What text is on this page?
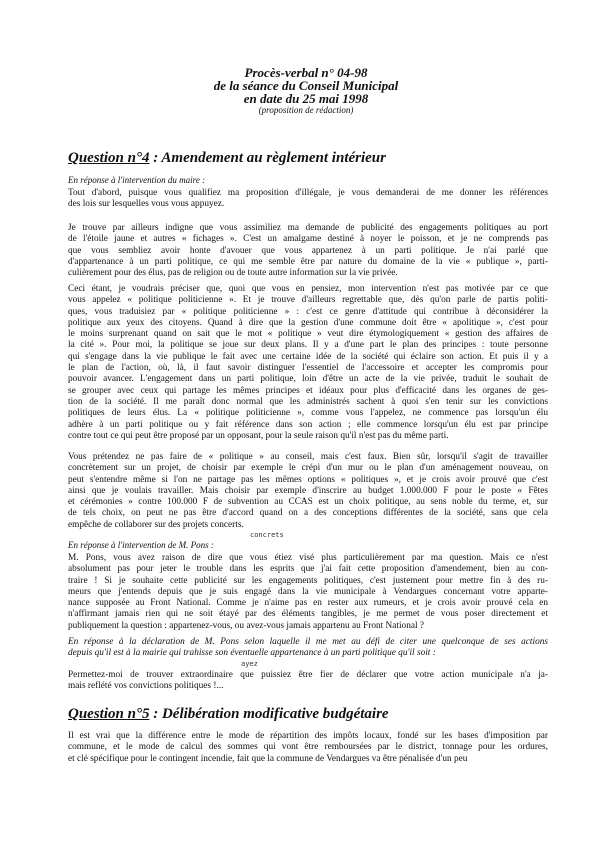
Procès-verbal n° 04-98
de la séance du Conseil Municipal
en date du 25 mai 1998
(proposition de rédaction)
Question n°4 : Amendement au règlement intérieur
En réponse à l'intervention du maire :
Tout d'abord, puisque vous qualifiez ma proposition d'illégale, je vous demanderai de me donner les références
des lois sur lesquelles vous vous appuyez.
Je trouve par ailleurs indigne que vous assimiliez ma demande de publicité des engagements politiques au port
de l'étoile jaune et autres « fichages ». C'est un amalgame destiné à noyer le poisson, et je ne comprends pas
que vous sembliez avoir honte d'avouer que vous appartenez à un parti politique. Je n'ai parlé que
d'appartenance à un parti politique, ce qui me semble être par nature du domaine de la vie « publique », parti-
culièrement pour des élus, pas de religion ou de toute autre information sur la vie privée.
Ceci étant, je voudrais préciser que, quoi que vous en pensiez, mon intervention n'est pas motivée par ce que
vous appelez « politique politicienne ». Et je trouve d'ailleurs regrettable que, dès qu'on parle de partis politi-
ques, vous traduisiez par « politique politicienne » : c'est ce genre d'attitude qui contribue à déconsidérer la
politique aux yeux des citoyens. Quand à dire que la gestion d'une commune doit être « apolitique », c'est pour
le moins surprenant quand on sait que le mot « politique » veut dire étymologiquement « gestion des affaires de
la cité ». Pour moi, la politique se joue sur deux plans. Il y a d'une part le plan des principes : toute personne
qui s'engage dans la vie publique le fait avec une certaine idée de la société qui éclaire son action. Et puis il y a
le plan de l'action, où, là, il faut savoir distinguer l'essentiel de l'accessoire et accepter les compromis pour
pouvoir avancer. L'engagement dans un parti politique, loin d'être un acte de la vie privée, traduit le souhait de
se grouper avec ceux qui partage les mêmes principes et idéaux pour plus d'efficacité dans les organes de ges-
tion de la société. Il me paraît donc normal que les administrés sachent à quoi s'en tenir sur les convictions
politiques de leurs élus. La « politique politicienne », comme vous l'appelez, ne commence pas lorsqu'un élu
adhère à un parti politique ou y fait référence dans son action ; elle commence lorsqu'un élu est par principe
contre tout ce qui peut être proposé par un opposant, pour la seule raison qu'il n'est pas du même parti.
Vous prétendez ne pas faire de « politique » au conseil, mais c'est faux. Bien sûr, lorsqu'il s'agit de travailler
concrètement sur un projet, de choisir par exemple le crépi d'un mur ou le plan d'un aménagement nouveau, on
peut s'entendre même si l'on ne partage pas les mêmes options « politiques », et je crois avoir prouvé que c'est
ainsi que je voulais travailler. Mais choisir par exemple d'inscrire au budget 1.000.000 F pour le poste « Fêtes
et cérémonies » contre 100.000 F de subvention au CCAS est un choix politique, au sens noble du terme, et, sur
de tels choix, on peut ne pas être d'accord quand on a des conceptions différentes de la société, sans que cela
empêche de collaborer sur des projets concerts.
concrets
En réponse à l'intervention de M. Pons :
M. Pons, vous avez raison de dire que vous étiez visé plus particulièrement par ma question. Mais ce n'est
absolument pas pour jeter le trouble dans les esprits que j'ai fait cette proposition d'amendement, bien au con-
traire ! Si je souhaite cette publicité sur les engagements politiques, c'est justement pour mettre fin à des ru-
meurs que j'entends depuis que je suis engagé dans la vie municipale à Vendargues concernant votre apparte-
nance supposée au Front National. Comme je n'aime pas en rester aux rumeurs, et je crois avoir prouvé cela en
n'affirmant jamais rien qui ne soit étayé par des éléments tangibles, je me permet de vous poser directement et
publiquement la question : appartenez-vous, ou avez-vous jamais appartenu au Front National ?
En réponse à la déclaration de M. Pons selon laquelle il me met au défi de citer une quelconque de ses actions
depuis qu'il est à la mairie qui trahisse son éventuelle appartenance à un parti politique qu'il soit :
ayez
Permettez-moi de trouver extraordinaire que puissiez être fier de déclarer que votre action municipale n'a ja-
mais reflété vos convictions politiques !...
Question n°5 : Délibération modificative budgétaire
Il est vrai que la différence entre le mode de répartition des impôts locaux, fondé sur les bases d'imposition par
commune, et le mode de calcul des sommes qui vont être remboursées par le district, tonnage pour les ordures,
et clé spécifique pour le contingent incendie, fait que la commune de Vendargues va être pénalisée d'un peu
